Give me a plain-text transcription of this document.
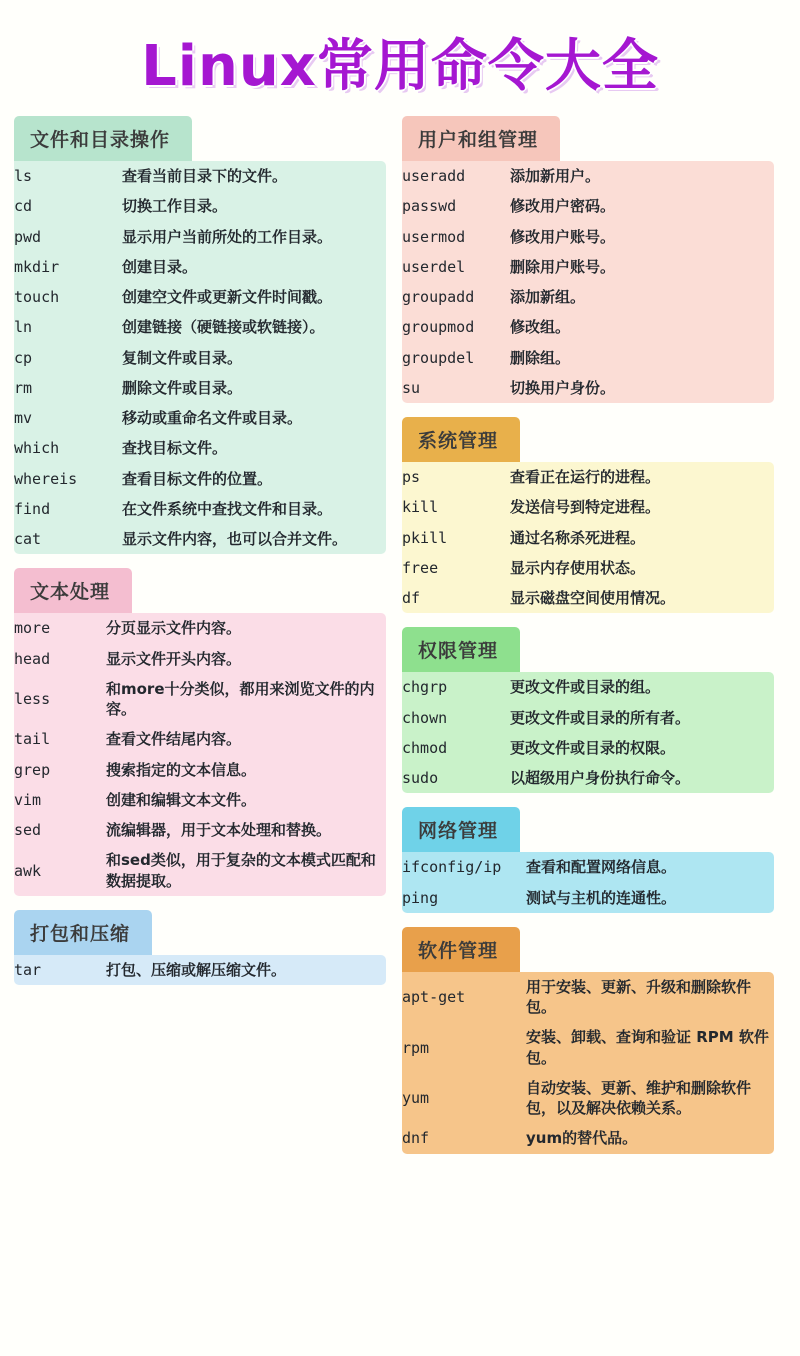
Linux常用命令大全
文件和目录操作
ls	查看当前目录下的文件。
cd	切换工作目录。
pwd	显示用户当前所处的工作目录。
mkdir	创建目录。
touch	创建空文件或更新文件时间戳。
ln	创建链接（硬链接或软链接）。
cp	复制文件或目录。
rm	删除文件或目录。
mv	移动或重命名文件或目录。
which	查找目标文件。
whereis	查看目标文件的位置。
find	在文件系统中查找文件和目录。
cat	显示文件内容，也可以合并文件。
文本处理
more	分页显示文件内容。
head	显示文件开头内容。
less	和more十分类似，都用来浏览文件的内容。
tail	查看文件结尾内容。
grep	搜索指定的文本信息。
vim	创建和编辑文本文件。
sed	流编辑器，用于文本处理和替换。
awk	和sed类似，用于复杂的文本模式匹配和数据提取。
打包和压缩
tar	打包、压缩或解压缩文件。
用户和组管理
useradd	添加新用户。
passwd	修改用户密码。
usermod	修改用户账号。
userdel	删除用户账号。
groupadd	添加新组。
groupmod	修改组。
groupdel	删除组。
su	切换用户身份。
系统管理
ps	查看正在运行的进程。
kill	发送信号到特定进程。
pkill	通过名称杀死进程。
free	显示内存使用状态。
df	显示磁盘空间使用情况。
权限管理
chgrp	更改文件或目录的组。
chown	更改文件或目录的所有者。
chmod	更改文件或目录的权限。
sudo	以超级用户身份执行命令。
网络管理
ifconfig/ip	查看和配置网络信息。
ping	测试与主机的连通性。
软件管理
apt-get	用于安装、更新、升级和删除软件包。
rpm	安装、卸载、查询和验证 RPM 软件包。
yum	自动安装、更新、维护和删除软件包，以及解决依赖关系。
dnf	yum的替代品。
